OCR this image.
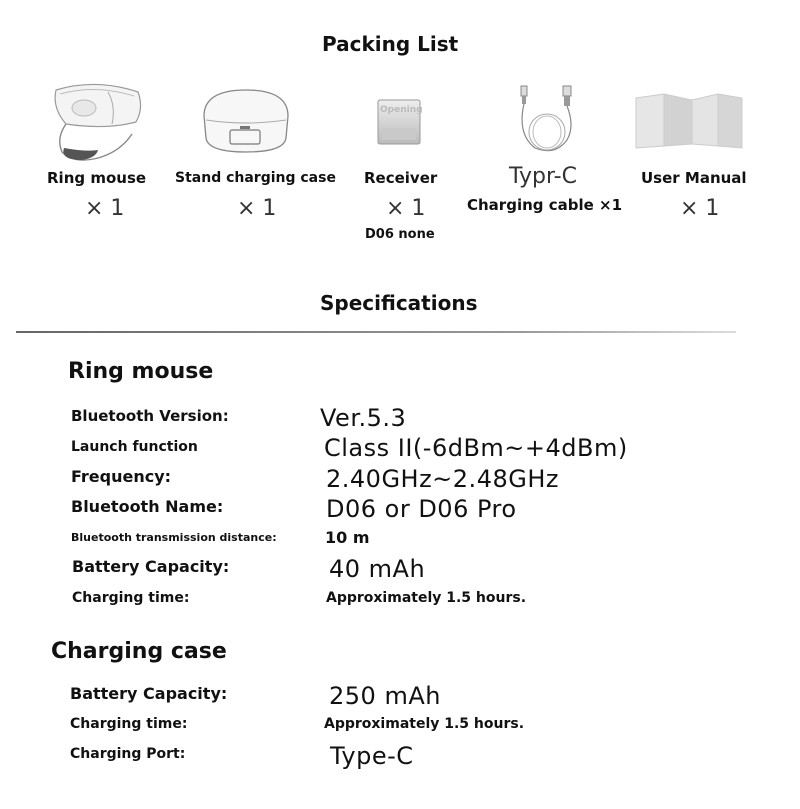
Packing List
Ring mouse
× 1
Stand charging case
× 1
Opening
Receiver
× 1
D06 none
Typr-C
Charging cable ×1
User Manual
× 1
Specifications
Ring mouse
Bluetooth Version:	Ver.5.3
Launch function	Class II(-6dBm~+4dBm)
Frequency:	2.40GHz~2.48GHz
Bluetooth Name:	D06 or D06 Pro
Bluetooth transmission distance:	10 m
Battery Capacity:	40 mAh
Charging time:	Approximately 1.5 hours.
Charging case
Battery Capacity:	250 mAh
Charging time:	Approximately 1.5 hours.
Charging Port:	Type-C
